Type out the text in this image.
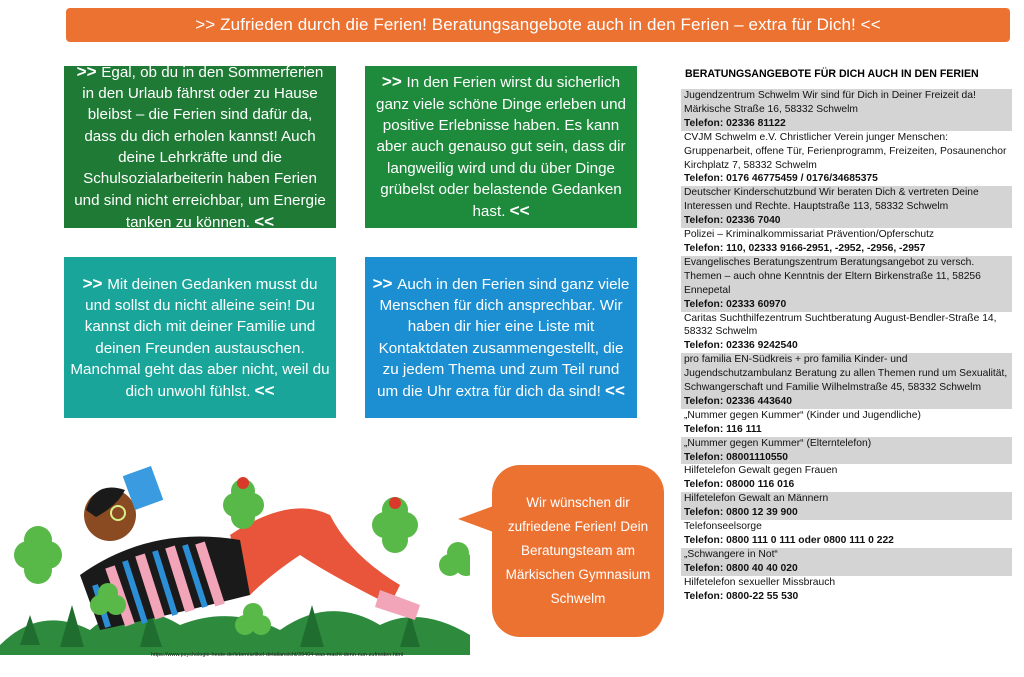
>> Zufrieden durch die Ferien! Beratungsangebote auch in den Ferien – extra für Dich! <<
>> Egal, ob du in den Sommerferien in den Urlaub fährst oder zu Hause bleibst – die Ferien sind dafür da, dass du dich erholen kannst! Auch deine Lehrkräfte und die Schulsozialarbeiterin haben Ferien und sind nicht erreichbar, um Energie tanken zu können. <<
>> In den Ferien wirst du sicherlich ganz viele schöne Dinge erleben und positive Erlebnisse haben. Es kann aber auch genauso gut sein, dass dir langweilig wird und du über Dinge grübelst oder belastende Gedanken hast. <<
>> Mit deinen Gedanken musst du und sollst du nicht alleine sein! Du kannst dich mit deiner Familie und deinen Freunden austauschen. Manchmal geht das aber nicht, weil du dich unwohl fühlst. <<
>> Auch in den Ferien sind ganz viele Menschen für dich ansprechbar. Wir haben dir hier eine Liste mit Kontaktdaten zusammengestellt, die zu jedem Thema und zum Teil rund um die Uhr extra für dich da sind! <<
BERATUNGSANGEBOTE FÜR DICH AUCH IN DEN FERIEN
Jugendzentrum Schwelm Wir sind für Dich in Deiner Freizeit da! Märkische Straße 16, 58332 Schwelm
Telefon: 02336 81122
CVJM Schwelm e.V. Christlicher Verein junger Menschen: Gruppenarbeit, offene Tür, Ferienprogramm, Freizeiten, Posaunenchor Kirchplatz 7, 58332 Schwelm
Telefon: 0176 46775459 / 0176/34685375
Deutscher Kinderschutzbund Wir beraten Dich & vertreten Deine Interessen und Rechte. Hauptstraße 113, 58332 Schwelm
Telefon: 02336 7040
Polizei – Kriminalkommissariat Prävention/Opferschutz
Telefon: 110, 02333 9166-2951, -2952, -2956, -2957
Evangelisches Beratungszentrum Beratungsangebot zu versch. Themen – auch ohne Kenntnis der Eltern Birkenstraße 11, 58256 Ennepetal
Telefon: 02333 60970
Caritas Suchthilfezentrum Suchtberatung August-Bendler-Straße 14, 58332 Schwelm
Telefon: 02336 9242540
pro familia EN-Südkreis + pro familia Kinder- und Jugendschutzambulanz Beratung zu allen Themen rund um Sexualität, Schwangerschaft und Familie Wilhelmstraße 45, 58332 Schwelm
Telefon: 02336 443640
„Nummer gegen Kummer“ (Kinder und Jugendliche)
Telefon: 116 111
„Nummer gegen Kummer“ (Elterntelefon)
Telefon: 08001110550
Hilfetelefon Gewalt gegen Frauen
Telefon: 08000 116 016
Hilfetelefon Gewalt an Männern
Telefon: 0800 12 39 900
Telefonseelsorge
Telefon: 0800 111 0 111 oder 0800 111 0 222
„Schwangere in Not“
Telefon: 0800 40 40 020
Hilfetelefon sexueller Missbrauch
Telefon: 0800-22 55 530
Wir wünschen dir zufriedene Ferien! Dein Beratungsteam am Märkischen Gymnasium Schwelm
https://www.psychologie-heute.de/leben/artikel-detailansicht/39404-was-macht-denn-nun-zufrieden.html
